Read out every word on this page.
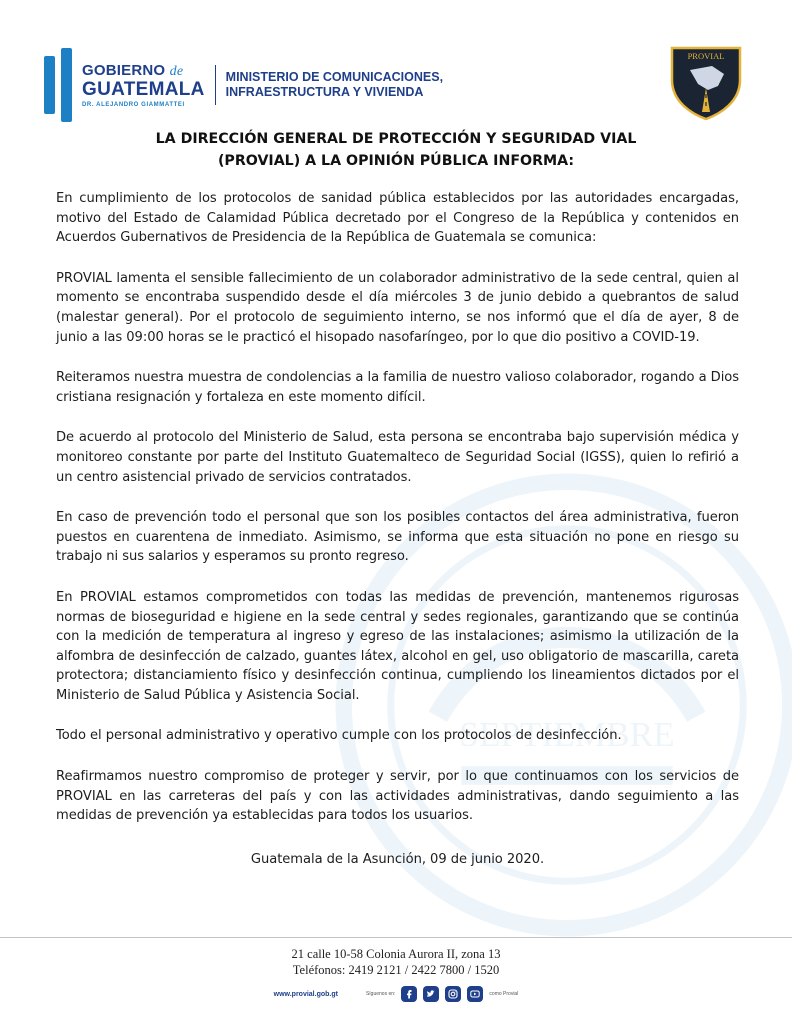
SEPTIEMBRE
GOBIERNO de
GUATEMALA
DR. ALEJANDRO GIAMMATTEI
MINISTERIO DE COMUNICACIONES,
INFRAESTRUCTURA Y VIVIENDA
PROVIAL
LA DIRECCIÓN GENERAL DE PROTECCIÓN Y SEGURIDAD VIAL
(PROVIAL) A LA OPINIÓN PÚBLICA INFORMA:

En cumplimiento de los protocolos de sanidad pública establecidos por las autoridades encargadas, motivo del Estado de Calamidad Pública decretado por el Congreso de la República y contenidos en Acuerdos Gubernativos de Presidencia de la República de Guatemala se comunica:

PROVIAL lamenta el sensible fallecimiento de un colaborador administrativo de la sede central, quien al momento se encontraba suspendido desde el día miércoles 3 de junio debido a quebrantos de salud (malestar general). Por el protocolo de seguimiento interno, se nos informó que el día de ayer, 8 de junio a las 09:00 horas se le practicó el hisopado nasofaríngeo, por lo que dio positivo a COVID-19.

Reiteramos nuestra muestra de condolencias a la familia de nuestro valioso colaborador, rogando a Dios cristiana resignación y fortaleza en este momento difícil.

De acuerdo al protocolo del Ministerio de Salud, esta persona se encontraba bajo supervisión médica y monitoreo constante por parte del Instituto Guatemalteco de Seguridad Social (IGSS), quien lo refirió a un centro asistencial privado de servicios contratados.

En caso de prevención todo el personal que son los posibles contactos del área administrativa, fueron puestos en cuarentena de inmediato. Asimismo, se informa que esta situación no pone en riesgo su trabajo ni sus salarios y esperamos su pronto regreso.

En PROVIAL estamos comprometidos con todas las medidas de prevención, mantenemos rigurosas normas de bioseguridad e higiene en la sede central y sedes regionales, garantizando que se continúa con la medición de temperatura al ingreso y egreso de las instalaciones; asimismo la utilización de la alfombra de desinfección de calzado, guantes látex, alcohol en gel, uso obligatorio de mascarilla, careta protectora; distanciamiento físico y desinfección continua, cumpliendo los lineamientos dictados por el Ministerio de Salud Pública y Asistencia Social.

Todo el personal administrativo y operativo cumple con los protocolos de desinfección.

Reafirmamos nuestro compromiso de proteger y servir, por lo que continuamos con los servicios de PROVIAL en las carreteras del país y con las actividades administrativas, dando seguimiento a las medidas de prevención ya establecidas para todos los usuarios.

Guatemala de la Asunción, 09 de junio 2020.

21 calle 10-58 Colonia Aurora II, zona 13
Teléfonos: 2419 2121 / 2422 7800 / 1520
www.provial.gob.gt	Síguenos en:	como Provial
